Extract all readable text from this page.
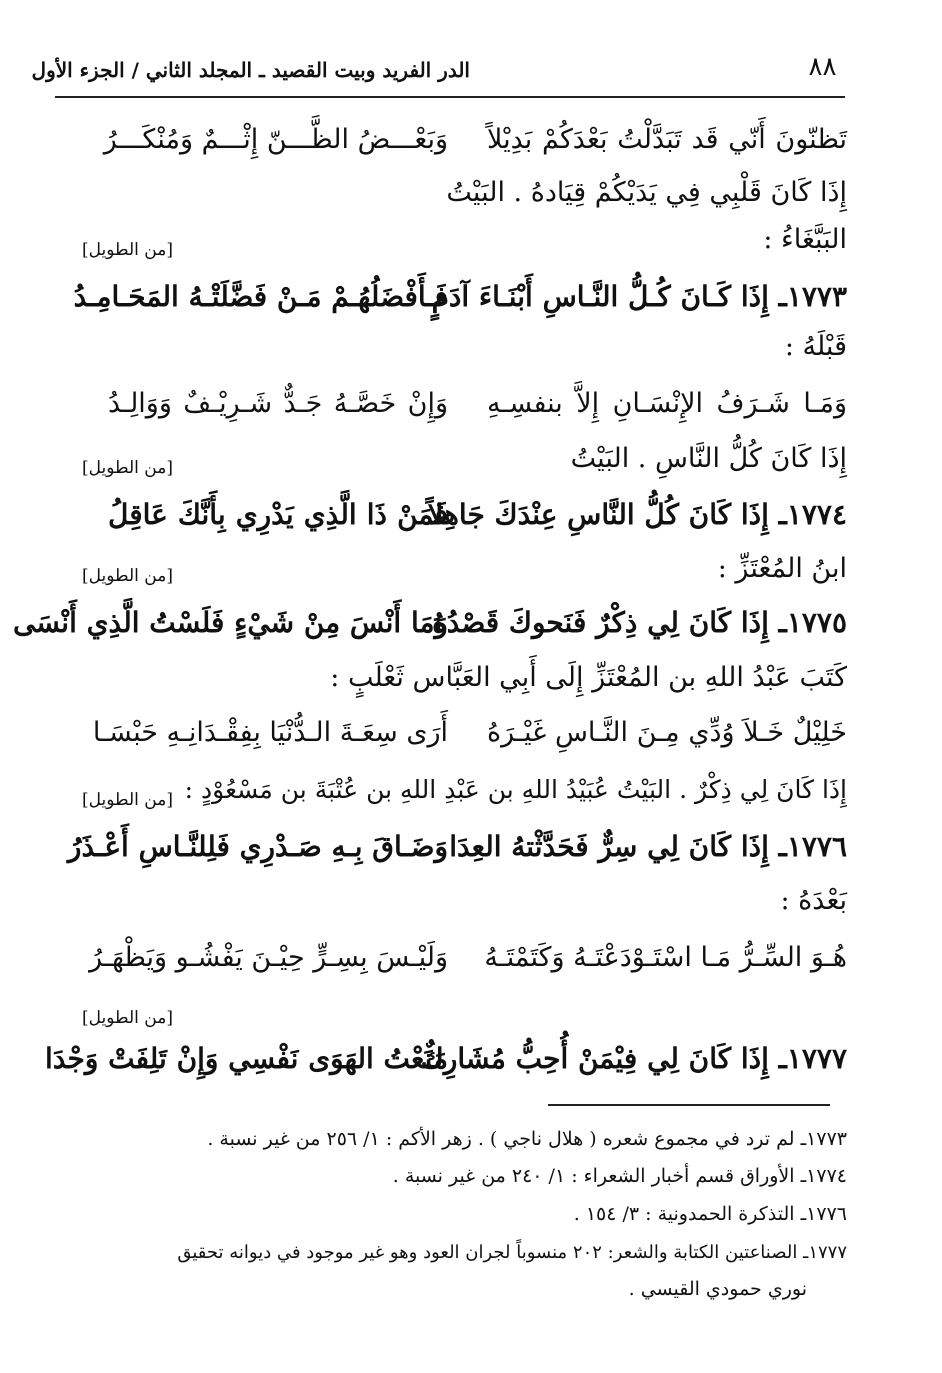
٨٨
الدر الفريد وبيت القصيد ـ المجلد الثاني / الجزء الأول
تَظنّونَ أَنّي قَد تَبَدَّلْتُ بَعْدَكُمْ بَدِيْلاً
وَبَعْـــضُ الظَّـــنّ إِثْـــمٌ وَمُنْكَـــرُ
إِذَا كَانَ قَلْبِي فِي يَدَيْكُمْ قِيَادهُ . البَيْتُ
البَبَّغَاءُ :
[من الطويل]
١٧٧٣ـ إِذَا كَـانَ كُـلُّ النَّـاسِ أَبْنَـاءَ آدَمٍ
فَـأَفْضَلُهُـمْ مَـنْ فَضَّلَتْـهُ المَحَـامِـدُ
قَبْلَهُ :
وَمَـا شَـرَفُ الإِنْسَـانِ إِلاَّ بنفسِـهِ
وَإِنْ خَصَّـهُ جَـدٌّ شَـرِيْـفٌ وَوَالِـدُ
إِذَا كَانَ كُلُّ النَّاسِ . البَيْتُ
[من الطويل]
١٧٧٤ـ إِذَا كَانَ كُلُّ النَّاسِ عِنْدَكَ جَاهِلاً
فَمَنْ ذَا الَّذِي يَدْرِي بِأَنَّكَ عَاقِلُ
ابنُ المُعْتَزِّ :
[من الطويل]
١٧٧٥ـ إِذَا كَانَ لِي ذِكْرٌ فَنَحوكَ قَصْدُهُ
وَمَا أَنْسَ مِنْ شَيْءٍ فَلَسْتُ الَّذِي أَنْسَى
كَتَبَ عَبْدُ اللهِ بن المُعْتَزِّ إِلَى أَبِي العَبَّاس ثَعْلَبٍ :
خَلِيْلٌ خَـلاَ وُدِّي مِـنَ النَّـاسِ غَيْـرَهُ
أَرَى سِعَـةَ الـدُّنْيَا بِفِقْـدَانِـهِ حَبْسَـا
إِذَا كَانَ لِي ذِكْرٌ . البَيْتُ عُبَيْدُ اللهِ بن عَبْدِ اللهِ بن عُتْبَةَ بن مَسْعُوْدٍ :
[من الطويل]
١٧٧٦ـ إِذَا كَانَ لِي سِرٌّ فَحَدَّثْتهُ العِدَا
وَضَـاقَ بِـهِ صَـدْرِي فَلِلنَّـاسِ أَعْـذَرُ
بَعْدَهُ :
هُـوَ السِّـرُّ مَـا اسْتَـوْدَعْتَـهُ وَكَتَمْتَـهُ
وَلَيْـسَ بِسِـرٍّ حِيْـنَ يَفْشُـو وَيَظْهَـرُ
[من الطويل]
١٧٧٧ـ إِذَا كَانَ لِي فِيْمَنْ أُحِبُّ مُشَارِكٌ
مَنَعْتُ الهَوَى نَفْسِي وَإِنْ تَلِفَتْ وَجْدَا
١٧٧٣ـ لم ترد في مجموع شعره ( هلال ناجي ) . زهر الأكم : ١/ ٢٥٦ من غير نسبة .
١٧٧٤ـ الأوراق قسم أخبار الشعراء : ١/ ٢٤٠ من غير نسبة .
١٧٧٦ـ التذكرة الحمدونية : ٣/ ١٥٤ .
١٧٧٧ـ الصناعتين الكتابة والشعر: ٢٠٢ منسوباً لجران العود وهو غير موجود في ديوانه تحقيق
نوري حمودي القيسي .
